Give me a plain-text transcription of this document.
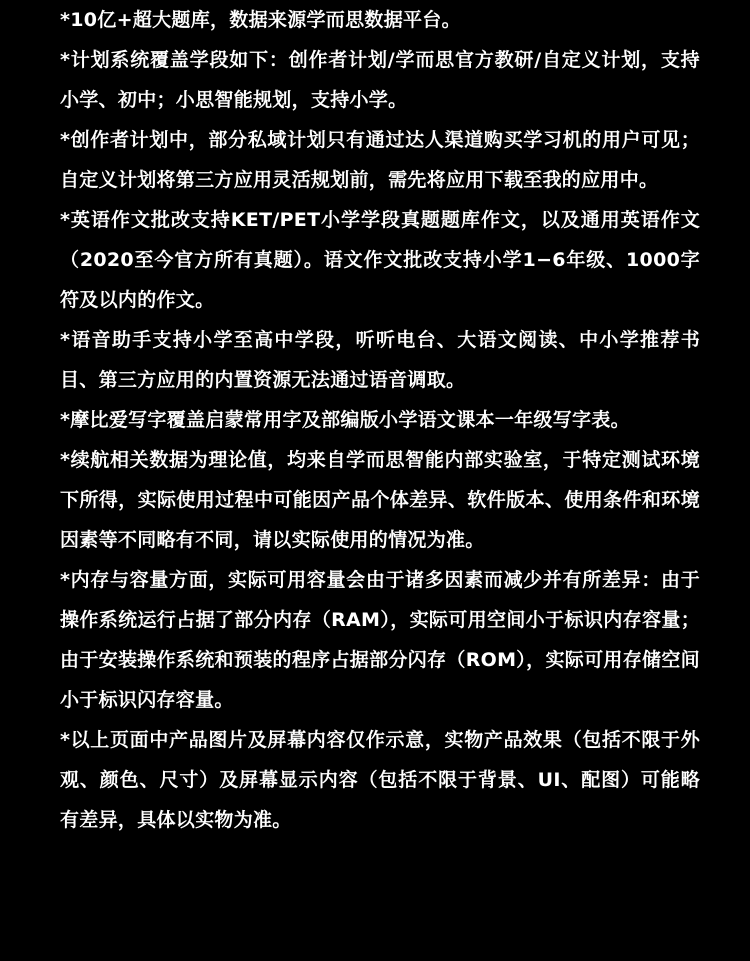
*10亿+超大题库，数据来源学而思数据平台。
*计划系统覆盖学段如下：创作者计划/学而思官方教研/自定义计划，支持小学、初中；小思智能规划，支持小学。
*创作者计划中，部分私域计划只有通过达人渠道购买学习机的用户可见；自定义计划将第三方应用灵活规划前，需先将应用下载至我的应用中。
*英语作文批改支持KET/PET小学学段真题题库作文，以及通用英语作文（2020至今官方所有真题）。语文作文批改支持小学1−6年级、1000字符及以内的作文。
*语音助手支持小学至高中学段，听听电台、大语文阅读、中小学推荐书目、第三方应用的内置资源无法通过语音调取。
*摩比爱写字覆盖启蒙常用字及部编版小学语文课本一年级写字表。
*续航相关数据为理论值，均来自学而思智能内部实验室，于特定测试环境下所得，实际使用过程中可能因产品个体差异、软件版本、使用条件和环境因素等不同略有不同，请以实际使用的情况为准。
*内存与容量方面，实际可用容量会由于诸多因素而减少并有所差异：由于操作系统运行占据了部分内存（RAM），实际可用空间小于标识内存容量；由于安装操作系统和预装的程序占据部分闪存（ROM），实际可用存储空间小于标识闪存容量。
*以上页面中产品图片及屏幕内容仅作示意，实物产品效果（包括不限于外观、颜色、尺寸）及屏幕显示内容（包括不限于背景、UI、配图）可能略有差异，具体以实物为准。
